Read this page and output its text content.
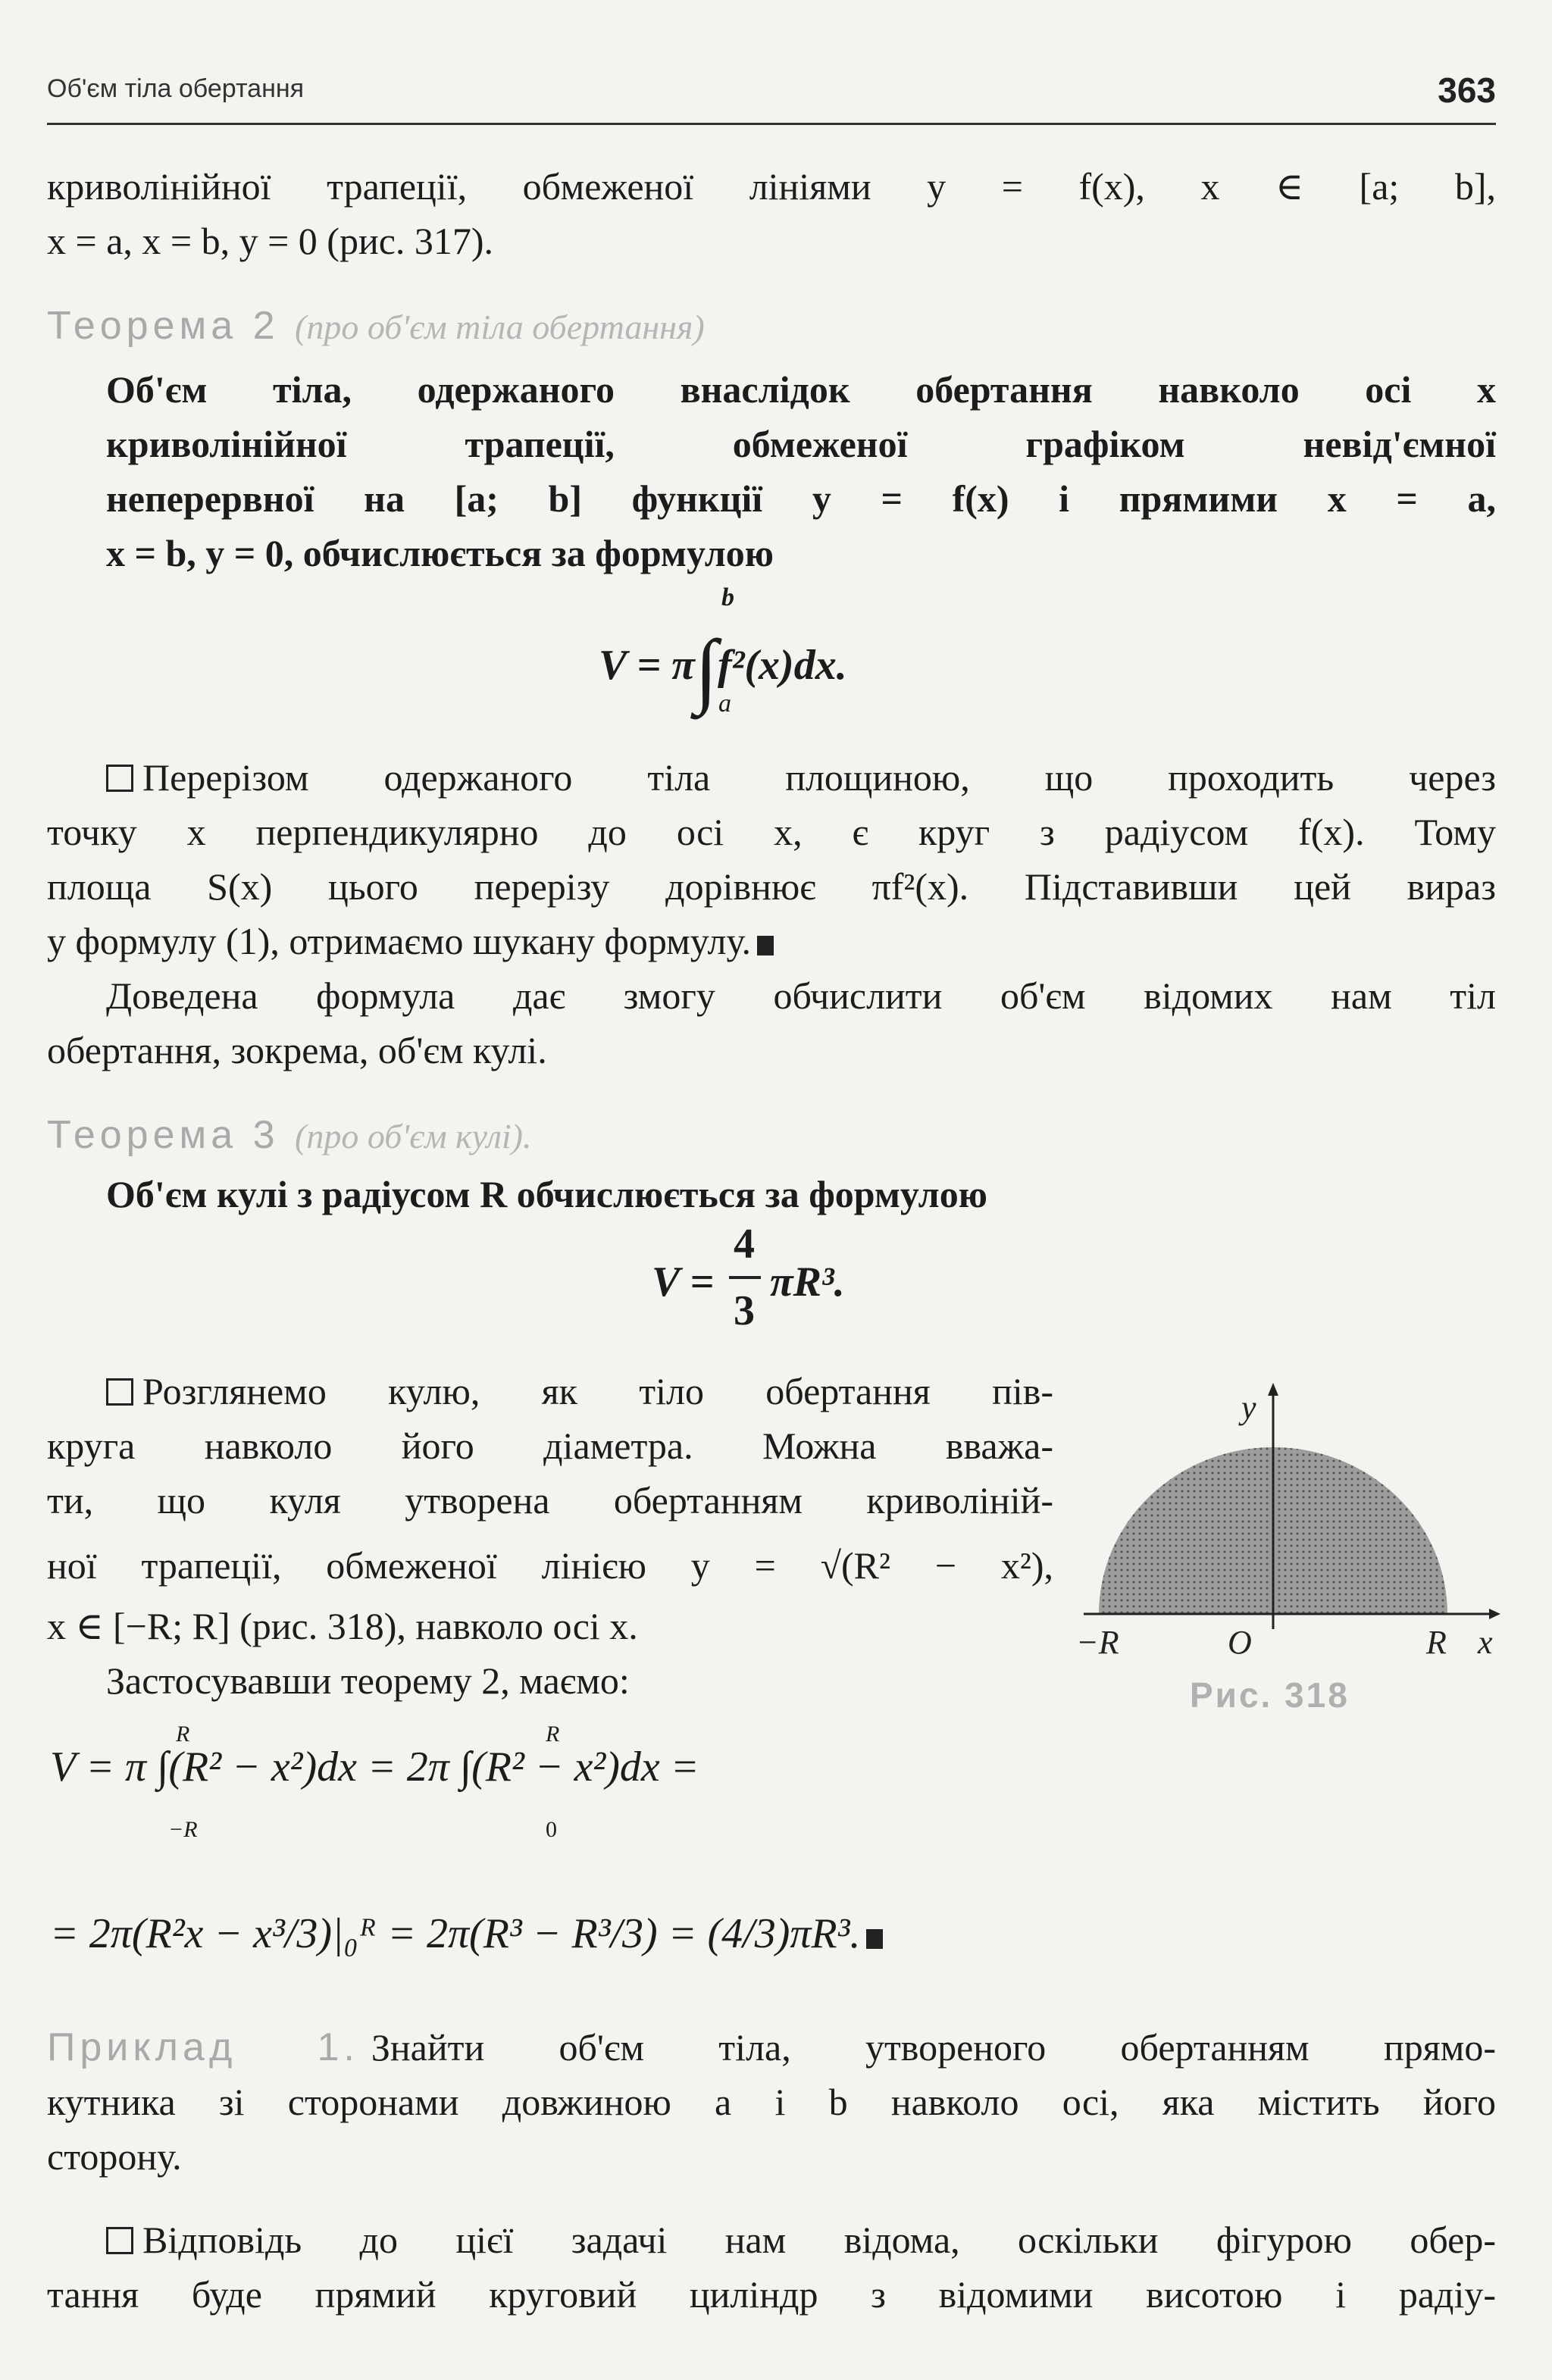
Об'єм тіла обертання	363
криволінійної трапеції, обмеженої лініями y = f(x), x ∈ [a; b],
x = a, x = b, y = 0 (рис. 317).
Теорема 2 (про об'єм тіла обертання)
Об'єм тіла, одержаного внаслідок обертання навколо осі x
криволінійної трапеції, обмеженої графіком невід'ємної
неперервної на [a; b] функції y = f(x) і прямими x = a,
x = b, y = 0, обчислюється за формулою
V = π∫f²(x)dx.
b
a
Перерізом одержаного тіла площиною, що проходить через
точку x перпендикулярно до осі x, є круг з радіусом f(x). Тому
площа S(x) цього перерізу дорівнює πf²(x). Підставивши цей вираз
у формулу (1), отримаємо шукану формулу.
Доведена формула дає змогу обчислити об'єм відомих нам тіл
обертання, зокрема, об'єм кулі.
Теорема 3 (про об'єм кулі).
Об'єм кулі з радіусом R обчислюється за формулою
V =
4
3
πR³.
Розглянемо кулю, як тіло обертання пів-
круга навколо його діаметра. Можна вважа-
ти, що куля утворена обертанням криволіній-
ної трапеції, обмеженої лінією y = √(R² − x²),
x ∈ [−R; R] (рис. 318), навколо осі x.
Застосувавши теорему 2, маємо:
y
x
−R	O	R
Рис. 318
V = π ∫(R² − x²)dx = 2π ∫(R² − x²)dx =
R
−R
R
0
= 2π(R²x − x³/3)|₀ᴿ = 2π(R³ − R³/3) = (4/3)πR³.
Приклад 1. Знайти об'єм тіла, утвореного обертанням прямо-
кутника зі сторонами довжиною a і b навколо осі, яка містить його
сторону.
Відповідь до цієї задачі нам відома, оскільки фігурою обер-
тання буде прямий круговий циліндр з відомими висотою і радіу-
